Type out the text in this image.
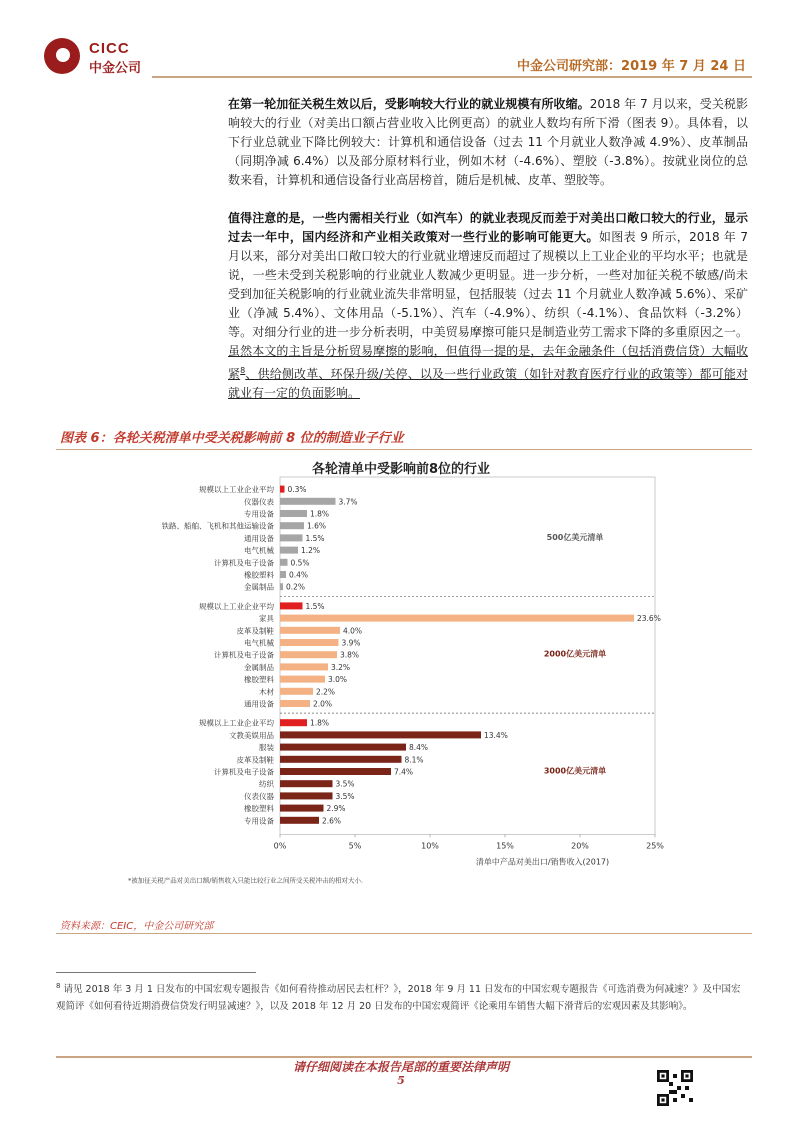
CICC
中金公司	中金公司研究部：2019 年 7 月 24 日
在第一轮加征关税生效以后，受影响较大行业的就业规模有所收缩。2018 年 7 月以来，受关税影响较大的行业（对美出口额占营业收入比例更高）的就业人数均有所下滑（图表 9）。具体看，以下行业总就业下降比例较大：计算机和通信设备（过去 11 个月就业人数净减 4.9%）、皮革制品（同期净减 6.4%）以及部分原材料行业，例如木材（-4.6%）、塑胶（-3.8%）。按就业岗位的总数来看，计算机和通信设备行业高居榜首，随后是机械、皮革、塑胶等。
值得注意的是，一些内需相关行业（如汽车）的就业表现反而差于对美出口敞口较大的行业，显示过去一年中，国内经济和产业相关政策对一些行业的影响可能更大。如图表 9 所示，2018 年 7 月以来，部分对美出口敞口较大的行业就业增速反而超过了规模以上工业企业的平均水平；也就是说，一些未受到关税影响的行业就业人数减少更明显。进一步分析，一些对加征关税不敏感/尚未受到加征关税影响的行业就业流失非常明显，包括服装（过去 11 个月就业人数净减 5.6%）、采矿业（净减 5.4%）、文体用品（-5.1%）、汽车（-4.9%）、纺织（-4.1%）、食品饮料（-3.2%）等。对细分行业的进一步分析表明，中美贸易摩擦可能只是制造业劳工需求下降的多重原因之一。虽然本文的主旨是分析贸易摩擦的影响，但值得一提的是，去年金融条件（包括消费信贷）大幅收紧$^8$、供给侧改革、环保升级/关停、以及一些行业政策（如针对教育医疗行业的政策等）都可能对就业有一定的负面影响。
图表 6：各轮关税清单中受关税影响前 8 位的制造业子行业
各轮清单中受影响前8位的行业
规模以上工业企业平均 0.3%
仪器仪表	3.7%
专用设备	1.8%
铁路、船舶、飞机和其他运输设备	1.6%
通用设备	1.5%
电气机械	1.2%
计算机及电子设备 0.5%
橡胶塑料 0.4%
金属制品 0.2%
500亿美元清单
规模以上工业企业平均	1.5%
家具	23.6%
皮革及制鞋	4.0%
电气机械	3.9%
计算机及电子设备	3.8%
金属制品	3.2%
橡胶塑料	3.0%
木材	2.2%
通用设备	2.0%
2000亿美元清单
规模以上工业企业平均	1.8%
文教美娱用品	13.4%
服装	8.4%
皮革及制鞋	8.1%
计算机及电子设备	7.4%
纺织	3.5%
仪表仪器	3.5%
橡胶塑料	2.9%
专用设备	2.6%
3000亿美元清单
0%	5%	10%	15%	20%	25%
清单中产品对美出口/销售收入(2017)
*被加征关税产品对美出口额/销售收入只能比较行业之间所受关税冲击的相对大小.
资料来源：CEIC，中金公司研究部
$^8$ 请见 2018 年 3 月 1 日发布的中国宏观专题报告《如何看待推动居民去杠杆？》，2018 年 9 月 11 日发布的中国宏观专题报告《可选消费为何减速？》及中国宏观简评《如何看待近期消费信贷发行明显减速？》，以及 2018 年 12 月 20 日发布的中国宏观简评《论乘用车销售大幅下滑背后的宏观因素及其影响》。
请仔细阅读在本报告尾部的重要法律声明
5
